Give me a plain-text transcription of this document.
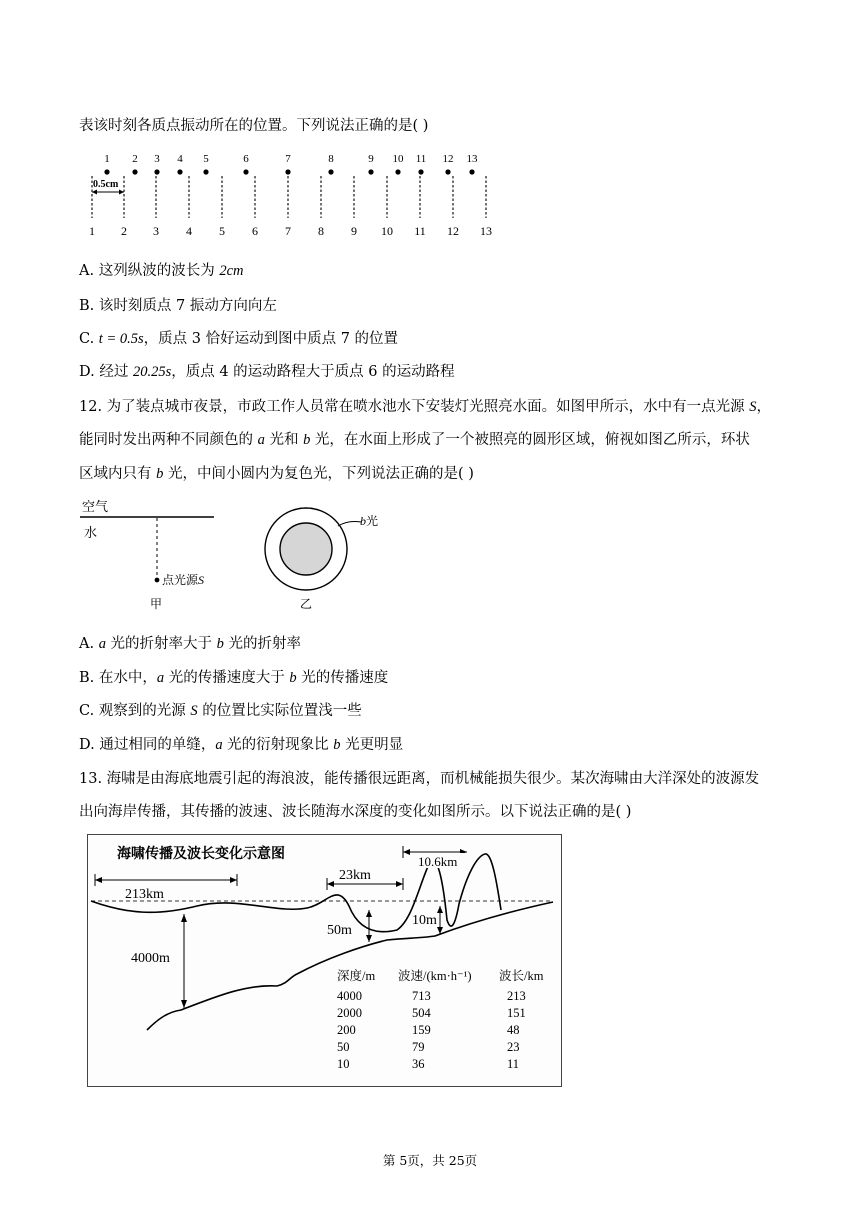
表该时刻各质点振动所在的位置。下列说法正确的是( )
1 2 3 4 5	6	7	8	9 10 11 12 13
1 2 3 4 5 6 7 8 9 10 11 12 13
0.5cm
A. 这列纵波的波长为 2cm
B. 该时刻质点 7 振动方向向左
C. t = 0.5s，质点 3 恰好运动到图中质点 7 的位置
D. 经过 20.25s，质点 4 的运动路程大于质点 6 的运动路程
12. 为了装点城市夜景，市政工作人员常在喷水池水下安装灯光照亮水面。如图甲所示，水中有一点光源 S，
能同时发出两种不同颜色的 a 光和 b 光，在水面上形成了一个被照亮的圆形区域，俯视如图乙所示，环状
区域内只有 b 光，中间小圆内为复色光，下列说法正确的是( )
空气
水
点光源S
甲
b光
乙
A. a 光的折射率大于 b 光的折射率
B. 在水中，a 光的传播速度大于 b 光的传播速度
C. 观察到的光源 S 的位置比实际位置浅一些
D. 通过相同的单缝，a 光的衍射现象比 b 光更明显
13. 海啸是由海底地震引起的海浪波，能传播很远距离，而机械能损失很少。某次海啸由大洋深处的波源发
出向海岸传播，其传播的波速、波长随海水深度的变化如图所示。以下说法正确的是( )
海啸传播及波长变化示意图
213km
23km
10.6km
4000m
50m
10m
深度/m 波速/(km·h⁻¹) 波长/km
4000	713	213
2000	504	151
200	159	48
50	79	23
10	36	11
第 5页，共 25页
